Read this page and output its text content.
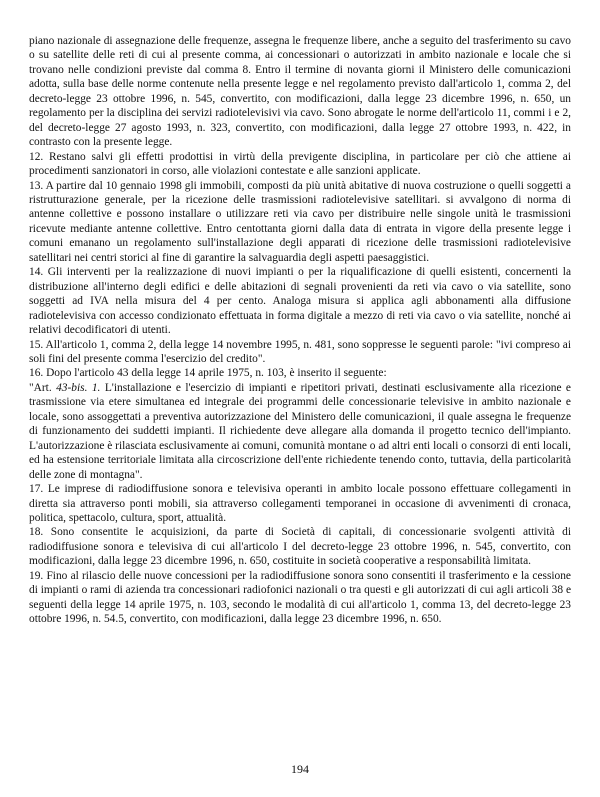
piano nazionale di assegnazione delle frequenze, assegna le frequenze libere, anche a seguito del trasferimento su cavo o su satellite delle reti di cui al presente comma, ai concessionari o autorizzati in ambito nazionale e locale che si trovano nelle condizioni previste dal comma 8. Entro il termine di novanta giorni il Ministero delle comunicazioni adotta, sulla base delle norme contenute nella presente legge e nel regolamento previsto dall'articolo 1, comma 2, del decreto-legge 23 ottobre 1996, n. 545, convertito, con modificazioni, dalla legge 23 dicembre 1996, n. 650, un regolamento per la disciplina dei servizi radiotelevisivi via cavo. Sono abrogate le norme dell'articolo 11, commi i e 2, del decreto-legge 27 agosto 1993, n. 323, convertito, con modificazioni, dalla legge 27 ottobre 1993, n. 422, in contrasto con la presente legge.

12. Restano salvi gli effetti prodottisi in virtù della previgente disciplina, in particolare per ciò che attiene ai procedimenti sanzionatori in corso, alle violazioni contestate e alle sanzioni applicate.

13. A partire dal 10 gennaio 1998 gli immobili, composti da più unità abitative di nuova costruzione o quelli soggetti a ristrutturazione generale, per la ricezione delle trasmissioni radiotelevisive satellitari. si avvalgono di norma di antenne collettive e possono installare o utilizzare reti via cavo per distribuire nelle singole unità le trasmissioni ricevute mediante antenne collettive. Entro centottanta giorni dalla data di entrata in vigore della presente legge i comuni emanano un regolamento sull'installazione degli apparati di ricezione delle trasmissioni radiotelevisive satellitari nei centri storici al fine di garantire la salvaguardia degli aspetti paesaggistici.

14. Gli interventi per la realizzazione di nuovi impianti o per la riqualificazione di quelli esistenti, concernenti la distribuzione all'interno degli edifici e delle abitazioni di segnali provenienti da reti via cavo o via satellite, sono soggetti ad IVA nella misura del 4 per cento. Analoga misura si applica agli abbonamenti alla diffusione radiotelevisiva con accesso condizionato effettuata in forma digitale a mezzo di reti via cavo o via satellite, nonché ai relativi decodificatori di utenti.

15. All'articolo 1, comma 2, della legge 14 novembre 1995, n. 481, sono soppresse le seguenti parole: "ivi compreso ai soli fini del presente comma l'esercizio del credito".

16. Dopo l'articolo 43 della legge 14 aprile 1975, n. 103, è inserito il seguente:

"Art. 43-bis. 1. L'installazione e l'esercizio di impianti e ripetitori privati, destinati esclusivamente alla ricezione e trasmissione via etere simultanea ed integrale dei programmi delle concessionarie televisive in ambito nazionale e locale, sono assoggettati a preventiva autorizzazione del Ministero delle comunicazioni, il quale assegna le frequenze di funzionamento dei suddetti impianti. Il richiedente deve allegare alla domanda il progetto tecnico dell'impianto. L'autorizzazione è rilasciata esclusivamente ai comuni, comunità montane o ad altri enti locali o consorzi di enti locali, ed ha estensione territoriale limitata alla circoscrizione dell'ente richiedente tenendo conto, tuttavia, della particolarità delle zone di montagna".

17. Le imprese di radiodiffusione sonora e televisiva operanti in ambito locale possono effettuare collegamenti in diretta sia attraverso ponti mobili, sia attraverso collegamenti temporanei in occasione di avvenimenti di cronaca, politica, spettacolo, cultura, sport, attualità.

18. Sono consentite le acquisizioni, da parte di Società di capitali, di concessionarie svolgenti attività di radiodiffusione sonora e televisiva di cui all'articolo I del decreto-legge 23 ottobre 1996, n. 545, convertito, con modificazioni, dalla legge 23 dicembre 1996, n. 650, costituite in società cooperative a responsabilità limitata.

19. Fino al rilascio delle nuove concessioni per la radiodiffusione sonora sono consentiti il trasferimento e la cessione di impianti o rami di azienda tra concessionari radiofonici nazionali o tra questi e gli autorizzati di cui agli articoli 38 e seguenti della legge 14 aprile 1975, n. 103, secondo le modalità di cui all'articolo 1, comma 13, del decreto-legge 23 ottobre 1996, n. 54.5, convertito, con modificazioni, dalla legge 23 dicembre 1996, n. 650.

194
